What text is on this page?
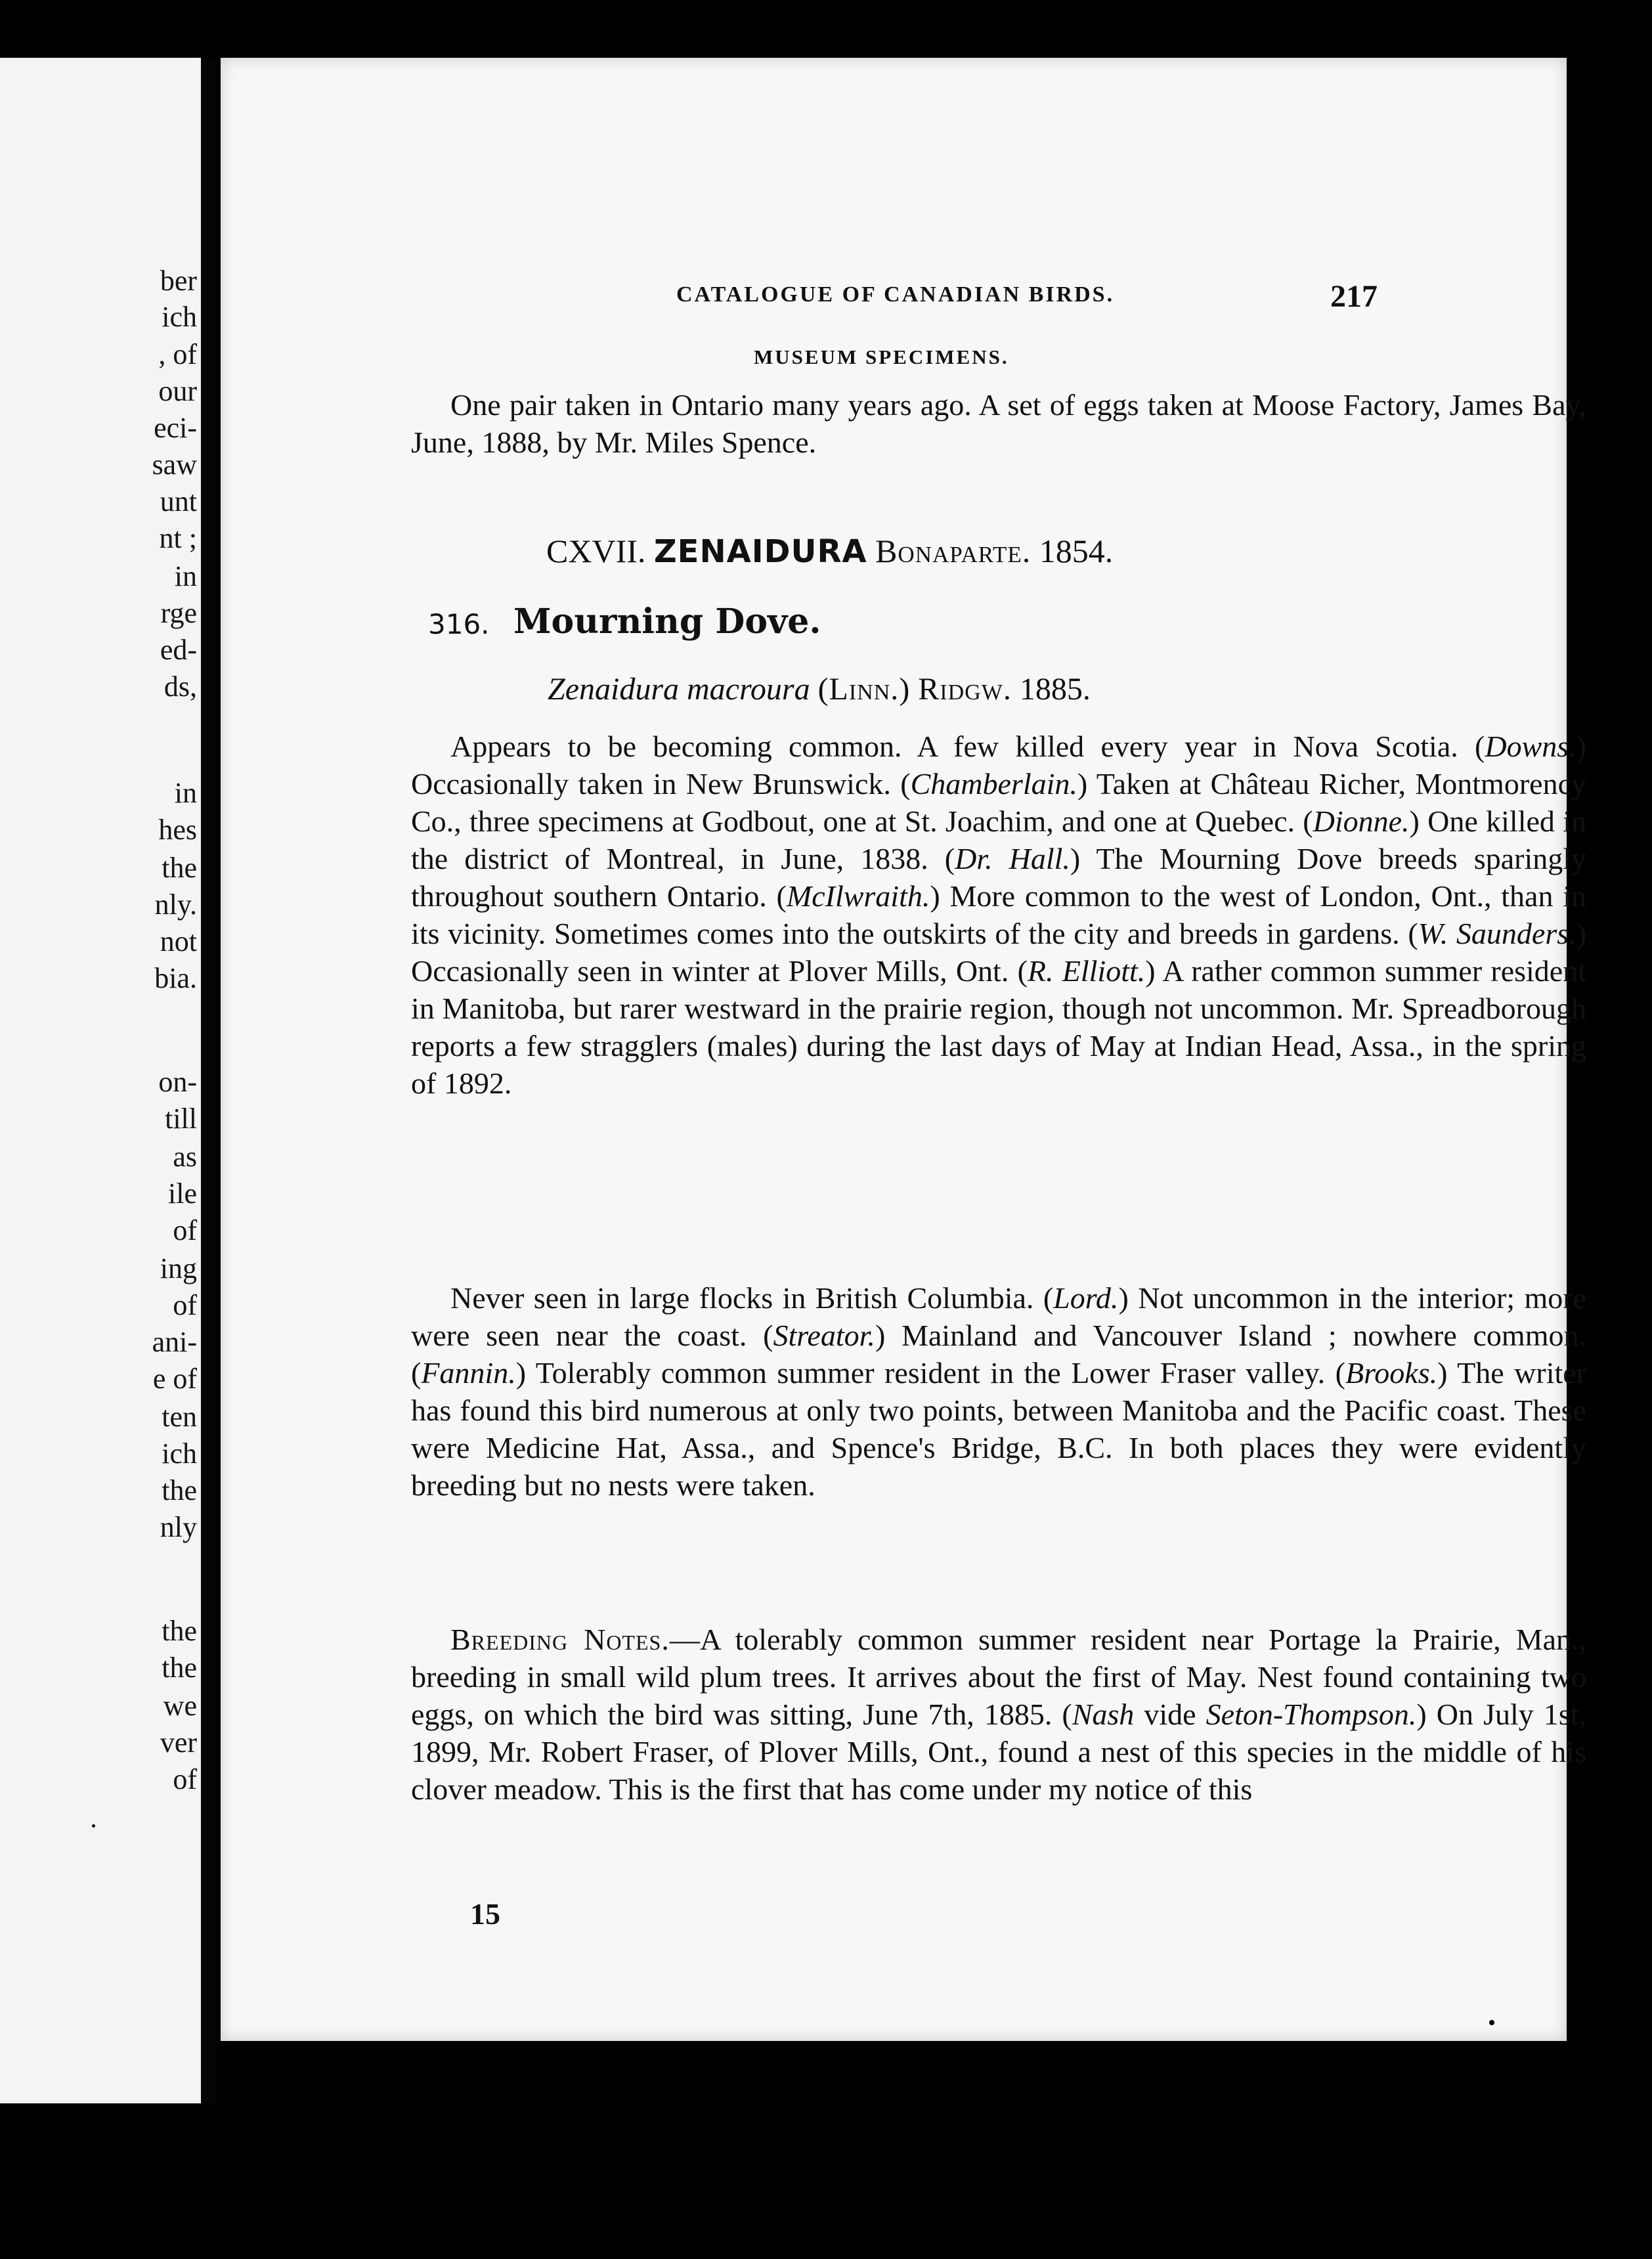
ber
ich
, of
our
eci-
saw
unt
nt ;
in
rge
ed-
ds,
in
hes
the
nly.
not
bia.
on-
till
as
ile
of
ing
of
ani-
e of
ten
ich
the
nly
the
the
we
ver
of
CATALOGUE OF CANADIAN BIRDS.	217
MUSEUM SPECIMENS.

One pair taken in Ontario many years ago. A set of eggs taken at Moose Factory, James Bay, June, 1888, by Mr. Miles Spence.

CXVII. ZENAIDURA Bonaparte. 1854.
316. Mourning Dove.
Zenaidura macroura (Linn.) Ridgw. 1885.

Appears to be becoming common. A few killed every year in Nova Scotia. (Downs.) Occasionally taken in New Brunswick. (Chamberlain.) Taken at Château Richer, Montmorency Co., three specimens at Godbout, one at St. Joachim, and one at Quebec. (Dionne.) One killed in the district of Montreal, in June, 1838. (Dr. Hall.) The Mourning Dove breeds sparingly throughout southern Ontario. (McIlwraith.) More common to the west of London, Ont., than in its vicinity. Sometimes comes into the outskirts of the city and breeds in gardens. (W. Saunders.) Occasionally seen in winter at Plover Mills, Ont. (R. Elliott.) A rather common summer resident in Manitoba, but rarer westward in the prairie region, though not uncommon. Mr. Spreadborough reports a few stragglers (males) during the last days of May at Indian Head, Assa., in the spring of 1892.

Never seen in large flocks in British Columbia. (Lord.) Not uncommon in the interior; more were seen near the coast. (Streator.) Mainland and Vancouver Island ; nowhere common. (Fannin.) Tolerably common summer resident in the Lower Fraser valley. (Brooks.) The writer has found this bird numerous at only two points, between Manitoba and the Pacific coast. These were Medicine Hat, Assa., and Spence's Bridge, B.C. In both places they were evidently breeding but no nests were taken.

Breeding Notes.—A tolerably common summer resident near Portage la Prairie, Man., breeding in small wild plum trees. It arrives about the first of May. Nest found containing two eggs, on which the bird was sitting, June 7th, 1885. (Nash vide Seton-Thompson.) On July 1st, 1899, Mr. Robert Fraser, of Plover Mills, Ont., found a nest of this species in the middle of his clover meadow. This is the first that has come under my notice of this

15
